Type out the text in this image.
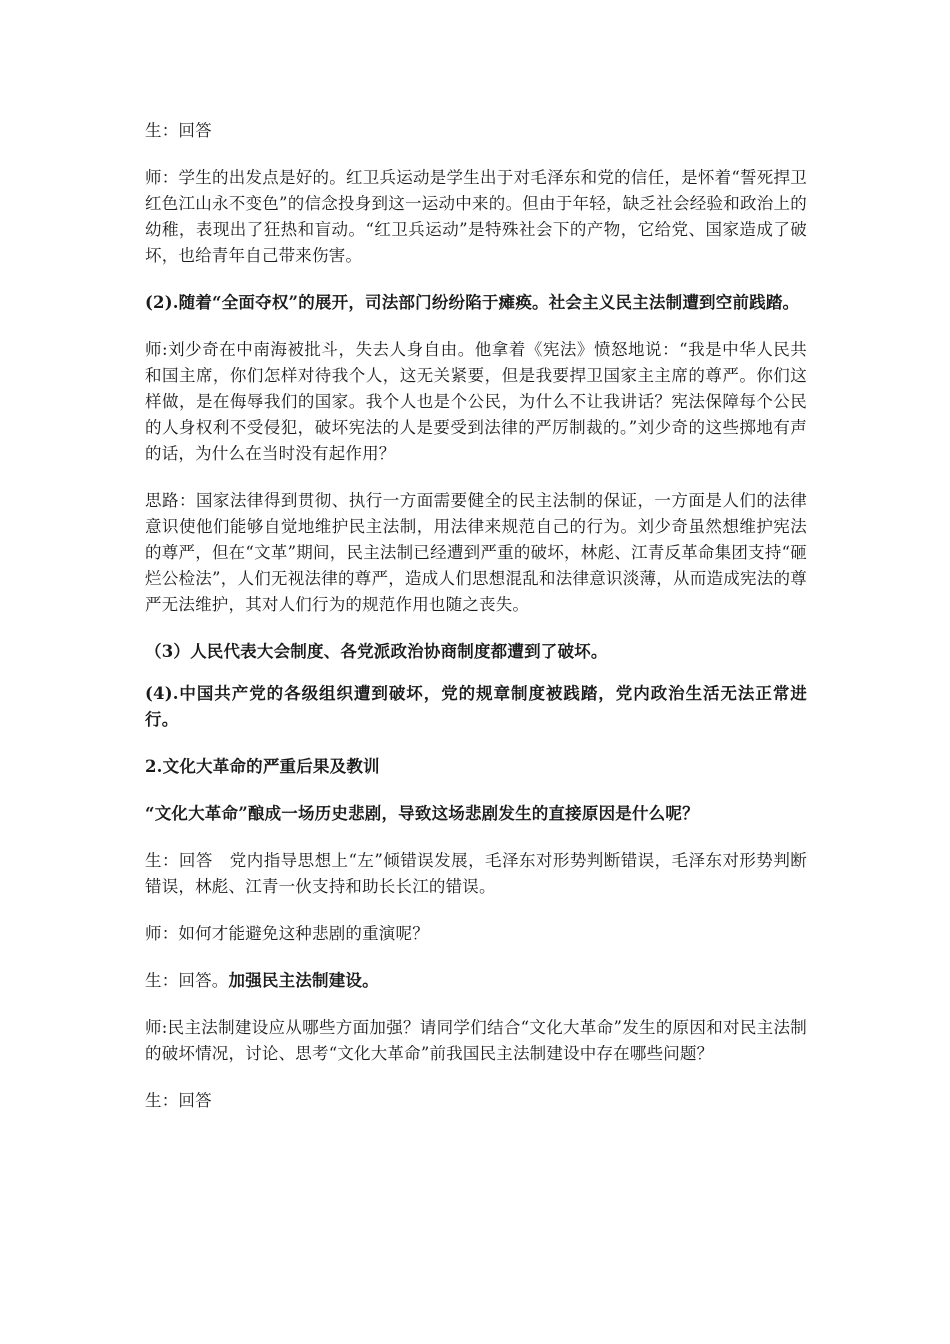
生：回答

师：学生的出发点是好的。红卫兵运动是学生出于对毛泽东和党的信任，是怀着“誓死捍卫红色江山永不变色”的信念投身到这一运动中来的。但由于年轻，缺乏社会经验和政治上的幼稚，表现出了狂热和盲动。“红卫兵运动”是特殊社会下的产物，它给党、国家造成了破坏，也给青年自己带来伤害。

(2).随着“全面夺权”的展开，司法部门纷纷陷于瘫痪。社会主义民主法制遭到空前践踏。

师:刘少奇在中南海被批斗，失去人身自由。他拿着《宪法》愤怒地说：“我是中华人民共和国主席，你们怎样对待我个人，这无关紧要，但是我要捍卫国家主主席的尊严。你们这样做，是在侮辱我们的国家。我个人也是个公民，为什么不让我讲话？宪法保障每个公民的人身权利不受侵犯，破坏宪法的人是要受到法律的严厉制裁的。”刘少奇的这些掷地有声的话，为什么在当时没有起作用？

思路：国家法律得到贯彻、执行一方面需要健全的民主法制的保证，一方面是人们的法律意识使他们能够自觉地维护民主法制，用法律来规范自己的行为。刘少奇虽然想维护宪法的尊严，但在“文革”期间，民主法制已经遭到严重的破坏，林彪、江青反革命集团支持“砸烂公检法”，人们无视法律的尊严，造成人们思想混乱和法律意识淡薄，从而造成宪法的尊严无法维护，其对人们行为的规范作用也随之丧失。

（3）人民代表大会制度、各党派政治协商制度都遭到了破坏。

(4).中国共产党的各级组织遭到破坏，党的规章制度被践踏，党内政治生活无法正常进行。

2.文化大革命的严重后果及教训

“文化大革命”酿成一场历史悲剧，导致这场悲剧发生的直接原因是什么呢？

生：回答　党内指导思想上“左”倾错误发展，毛泽东对形势判断错误，毛泽东对形势判断错误，林彪、江青一伙支持和助长长江的错误。

师：如何才能避免这种悲剧的重演呢？

生：回答。加强民主法制建设。

师:民主法制建设应从哪些方面加强？请同学们结合“文化大革命”发生的原因和对民主法制的破坏情况，讨论、思考“文化大革命”前我国民主法制建设中存在哪些问题？

生：回答
